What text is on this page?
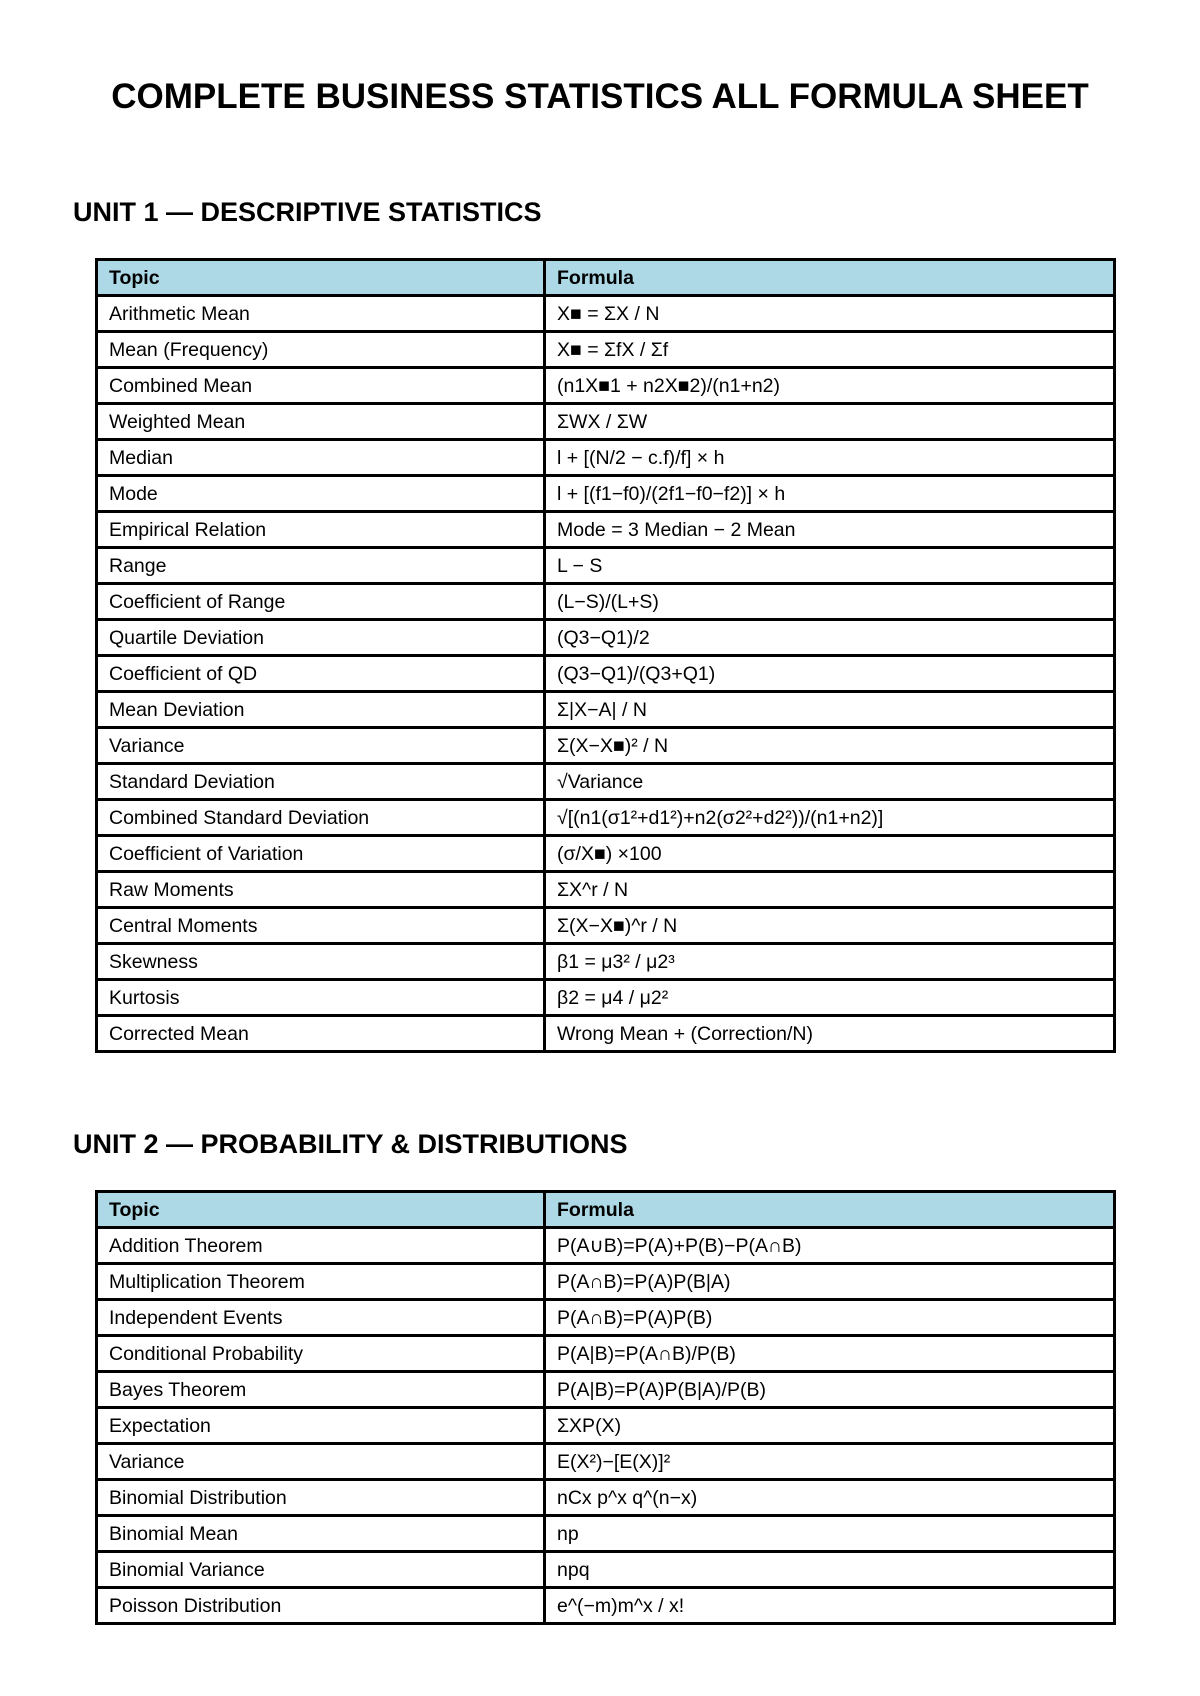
COMPLETE BUSINESS STATISTICS ALL FORMULA SHEET
UNIT 1 — DESCRIPTIVE STATISTICS
Topic	Formula
Arithmetic Mean	X■ = ΣX / N
Mean (Frequency)	X■ = ΣfX / Σf
Combined Mean	(n1X■1 + n2X■2)/(n1+n2)
Weighted Mean	ΣWX / ΣW
Median	l + [(N/2 − c.f)/f] × h
Mode	l + [(f1−f0)/(2f1−f0−f2)] × h
Empirical Relation	Mode = 3 Median − 2 Mean
Range	L − S
Coefficient of Range	(L−S)/(L+S)
Quartile Deviation	(Q3−Q1)/2
Coefficient of QD	(Q3−Q1)/(Q3+Q1)
Mean Deviation	Σ|X−A| / N
Variance	Σ(X−X■)² / N
Standard Deviation	√Variance
Combined Standard Deviation	√[(n1(σ1²+d1²)+n2(σ2²+d2²))/(n1+n2)]
Coefficient of Variation	(σ/X■) ×100
Raw Moments	ΣX^r / N
Central Moments	Σ(X−X■)^r / N
Skewness	β1 = μ3² / μ2³
Kurtosis	β2 = μ4 / μ2²
Corrected Mean	Wrong Mean + (Correction/N)
UNIT 2 — PROBABILITY & DISTRIBUTIONS
Topic	Formula
Addition Theorem	P(A∪B)=P(A)+P(B)−P(A∩B)
Multiplication Theorem	P(A∩B)=P(A)P(B|A)
Independent Events	P(A∩B)=P(A)P(B)
Conditional Probability	P(A|B)=P(A∩B)/P(B)
Bayes Theorem	P(A|B)=P(A)P(B|A)/P(B)
Expectation	ΣXP(X)
Variance	E(X²)−[E(X)]²
Binomial Distribution	nCx p^x q^(n−x)
Binomial Mean	np
Binomial Variance	npq
Poisson Distribution	e^(−m)m^x / x!
